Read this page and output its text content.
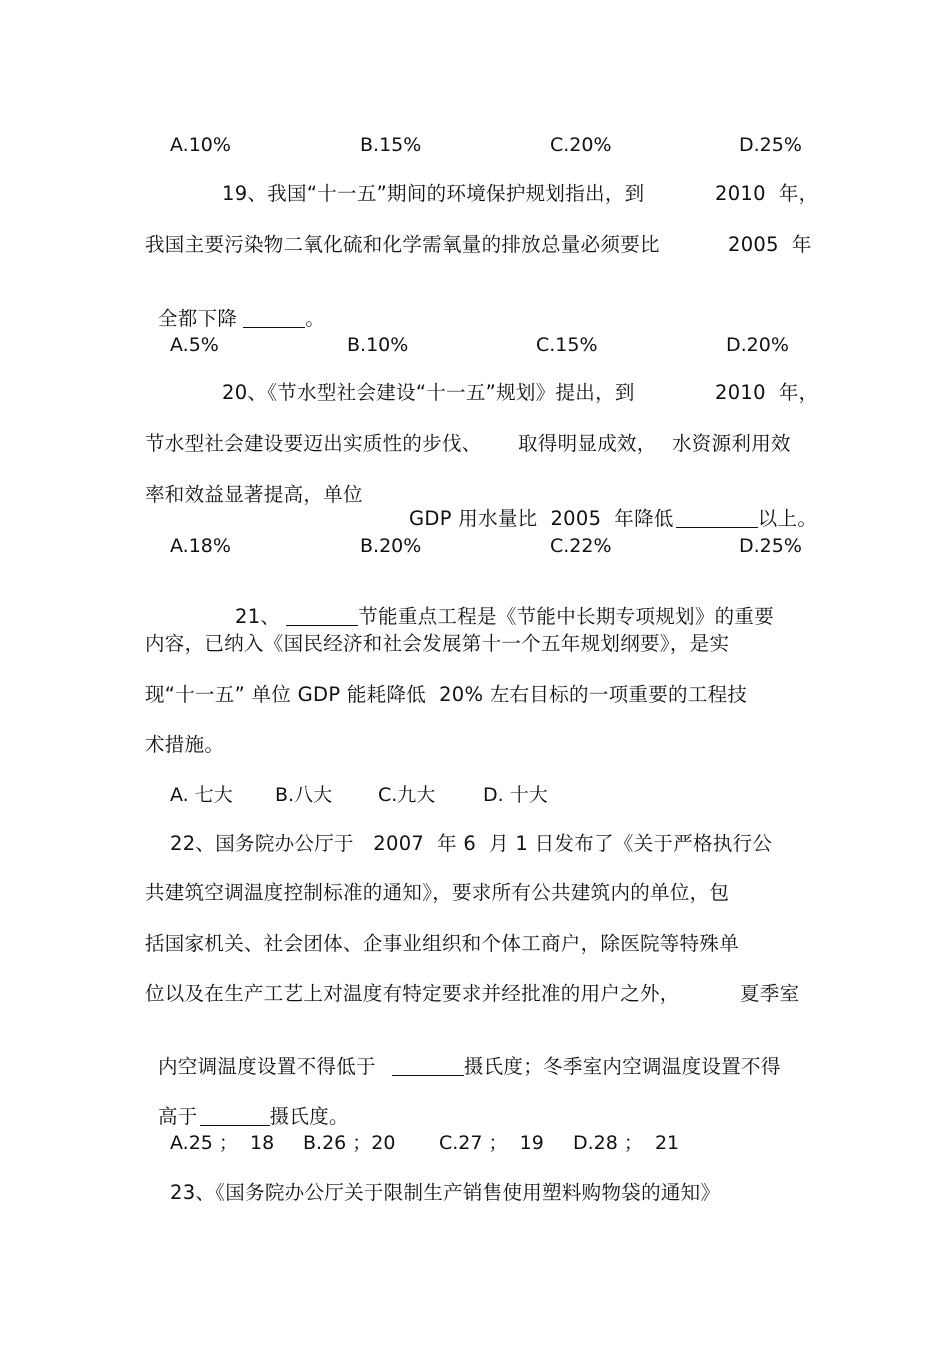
A.10%	B.15%	C.20%	D.25%
19、我国“十一五”期间的环境保护规划指出，到	2010  年，
我国主要污染物二氧化硫和化学需氧量的排放总量必须要比	2005  年

全都下降	。

A.5%	B.10%	C.15%	D.20%
20、《节水型社会建设“十一五”规划》提出，到	2010  年，
节水型社会建设要迈出实质性的步伐、 取得明显成效， 水资源利用效
率和效益显著提高，单位

GDP 用水量比  2005  年降低	以上。

A.18%	B.20%	C.22%	D.25%

21、	节能重点工程是《节能中长期专项规划》的重要

内容，已纳入《国民经济和社会发展第十一个五年规划纲要》，是实
现“十一五” 单位 GDP 能耗降低  20% 左右目标的一项重要的工程技
术措施。
A. 七大 B.八大 C.九大	D. 十大
22、国务院办公厅于   2007  年 6  月 1 日发布了《关于严格执行公
共建筑空调温度控制标准的通知》，要求所有公共建筑内的单位，包
括国家机关、社会团体、企事业组织和个体工商户，除医院等特殊单
位以及在生产工艺上对温度有特定要求并经批准的用户之外，	夏季室

内空调温度设置不得低于	摄氏度；冬季室内空调温度设置不得

高于	摄氏度。

A.25 ；  18 B.26 ；20 C.27 ；  19 D.28 ；  21
23、《国务院办公厅关于限制生产销售使用塑料购物袋的通知》
